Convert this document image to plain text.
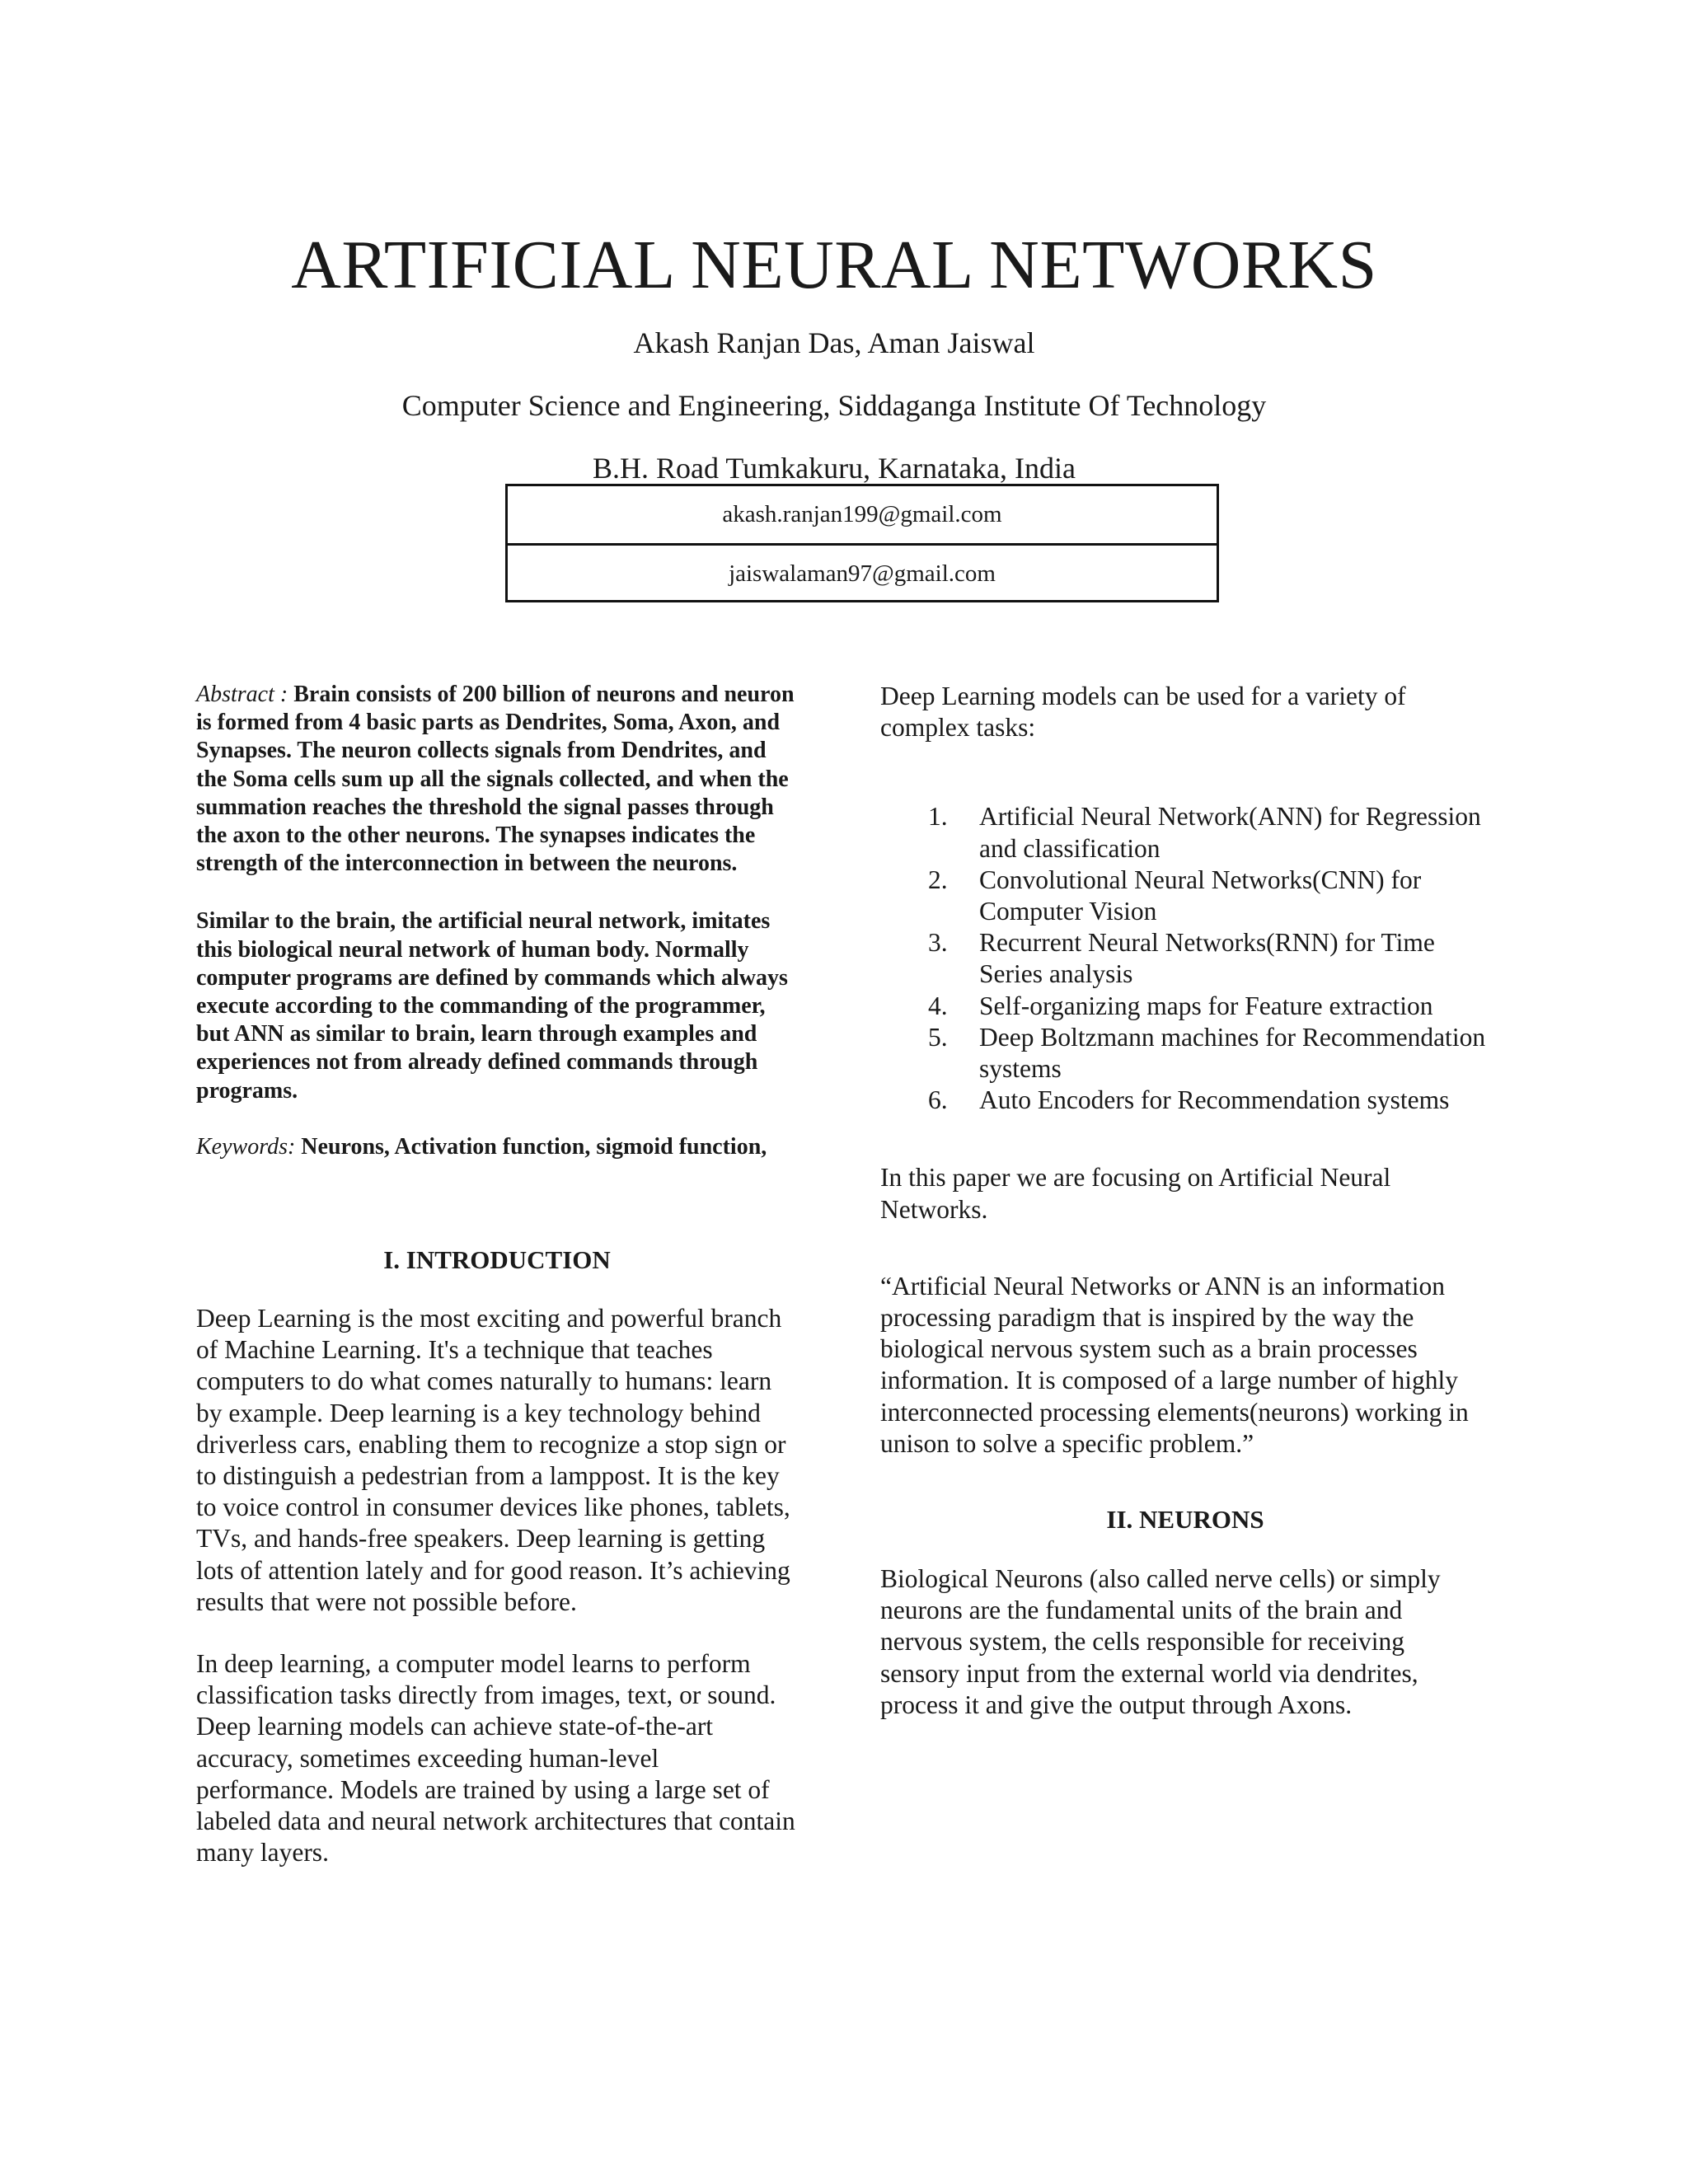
ARTIFICIAL NEURAL NETWORKS
Akash Ranjan Das, Aman Jaiswal
Computer Science and Engineering, Siddaganga Institute Of Technology
B.H. Road Tumkakuru, Karnataka, India
akash.ranjan199@gmail.com
jaiswalaman97@gmail.com

Abstract : Brain consists of 200 billion of neurons and neuron is formed from 4 basic parts as Dendrites, Soma, Axon, and Synapses. The neuron collects signals from Dendrites, and the Soma cells sum up all the signals collected, and when the summation reaches the threshold the signal passes through the axon to the other neurons. The synapses indicates the strength of the interconnection in between the neurons.

Similar to the brain, the artificial neural network, imitates this biological neural network of human body. Normally computer programs are defined by commands which always execute according to the commanding of the programmer, but ANN as similar to brain, learn through examples and experiences not from already defined commands through programs.

Keywords: Neurons, Activation function, sigmoid function,

I. INTRODUCTION

Deep Learning is the most exciting and powerful branch of Machine Learning. It's a technique that teaches computers to do what comes naturally to humans: learn by example. Deep learning is a key technology behind driverless cars, enabling them to recognize a stop sign or to distinguish a pedestrian from a lamppost. It is the key to voice control in consumer devices like phones, tablets, TVs, and hands-free speakers. Deep learning is getting lots of attention lately and for good reason. It’s achieving results that were not possible before.

In deep learning, a computer model learns to perform classification tasks directly from images, text, or sound. Deep learning models can achieve state-of-the-art accuracy, sometimes exceeding human-level performance. Models are trained by using a large set of labeled data and neural network architectures that contain many layers.

Deep Learning models can be used for a variety of complex tasks:

1. Artificial Neural Network(ANN) for Regression and classification
2. Convolutional Neural Networks(CNN) for Computer Vision
3. Recurrent Neural Networks(RNN) for Time Series analysis
4. Self-organizing maps for Feature extraction
5. Deep Boltzmann machines for Recommendation systems
6. Auto Encoders for Recommendation systems

In this paper we are focusing on Artificial Neural Networks.

“Artificial Neural Networks or ANN is an information processing paradigm that is inspired by the way the biological nervous system such as a brain processes information. It is composed of a large number of highly interconnected processing elements(neurons) working in unison to solve a specific problem.”

II. NEURONS

Biological Neurons (also called nerve cells) or simply neurons are the fundamental units of the brain and nervous system, the cells responsible for receiving sensory input from the external world via dendrites, process it and give the output through Axons.
